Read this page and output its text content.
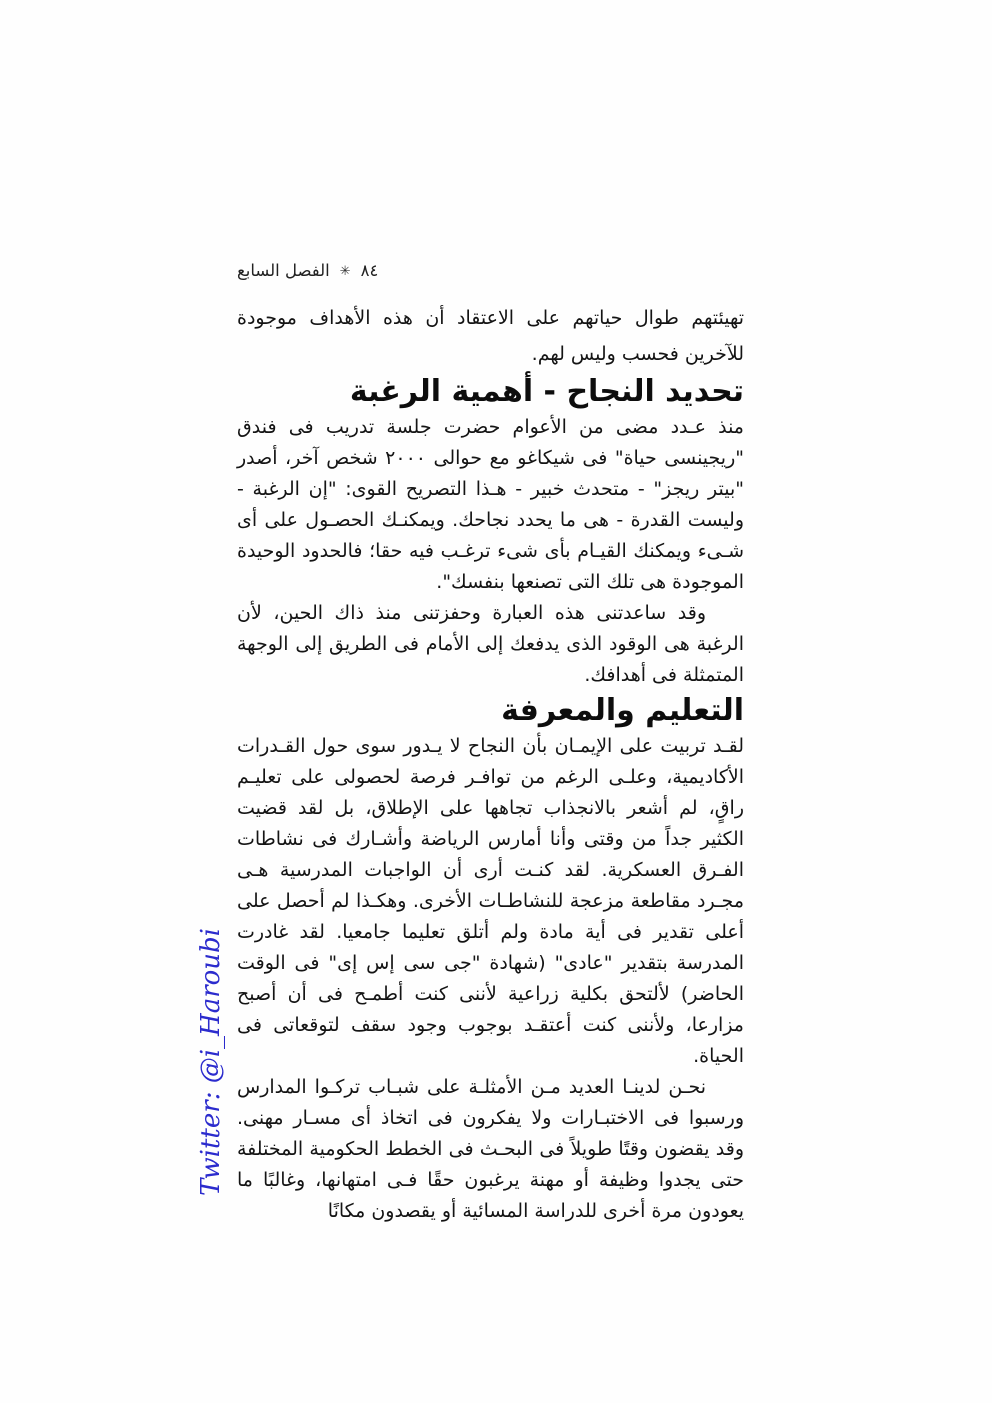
Twitter: @i_Haroubi
٨٤
✳
الفصل السابع

تهيئتهم طوال حياتهم على الاعتقاد أن هذه الأهداف موجودة للآخرين فحسب وليس لهم.

تحديد النجاح - أهمية الرغبة

منذ عـدد مضى من الأعوام حضرت جلسة تدريب فى فندق "ريجينسى حياة" فى شيكاغو مع حوالى ٢٠٠٠ شخص آخر، أصدر "بيتر ريجز" - متحدث خبير - هـذا التصريح القوى: "إن الرغبة - وليست القدرة - هى ما يحدد نجاحك. ويمكنـك الحصـول على أى شـىء ويمكنك القيـام بأى شىء ترغـب فيه حقا؛ فالحدود الوحيدة الموجودة هى تلك التى تصنعها بنفسك".

وقد ساعدتنى هذه العبارة وحفزتنى منذ ذاك الحين، لأن الرغبة هى الوقود الذى يدفعك إلى الأمام فى الطريق إلى الوجهة المتمثلة فى أهدافك.

التعليم والمعرفة

لقـد تربيت على الإيمـان بأن النجاح لا يـدور سوى حول القـدرات الأكاديمية، وعلـى الرغم من توافـر فرصة لحصولى على تعليـم راقٍ، لم أشعر بالانجذاب تجاهها على الإطلاق، بل لقد قضيت الكثير جداً من وقتى وأنا أمارس الرياضة وأشـارك فى نشاطات الفـرق العسكرية. لقد كنـت أرى أن الواجبات المدرسية هـى مجـرد مقاطعة مزعجة للنشاطـات الأخرى. وهكـذا لم أحصل على أعلى تقدير فى أية مادة ولم أتلق تعليما جامعيا. لقد غادرت المدرسة بتقدير "عادى" (شهادة "جى سى إس إى" فى الوقت الحاضر) لألتحق بكلية زراعية لأننى كنت أطمـح فى أن أصبح مزارعا، ولأننى كنت أعتقـد بوجوب وجود سقف لتوقعاتى فى الحياة.

نحـن لدينـا العديد مـن الأمثلـة على شبـاب تركـوا المدارس ورسبوا فى الاختبـارات ولا يفكرون فى اتخاذ أى مسـار مهنى. وقد يقضون وقتًا طويلاً فى البحـث فى الخطط الحكومية المختلفة حتى يجدوا وظيفة أو مهنة يرغبون حقًا فـى امتهانها، وغالبًا ما يعودون مرة أخرى للدراسة المسائية أو يقصدون مكانًا
